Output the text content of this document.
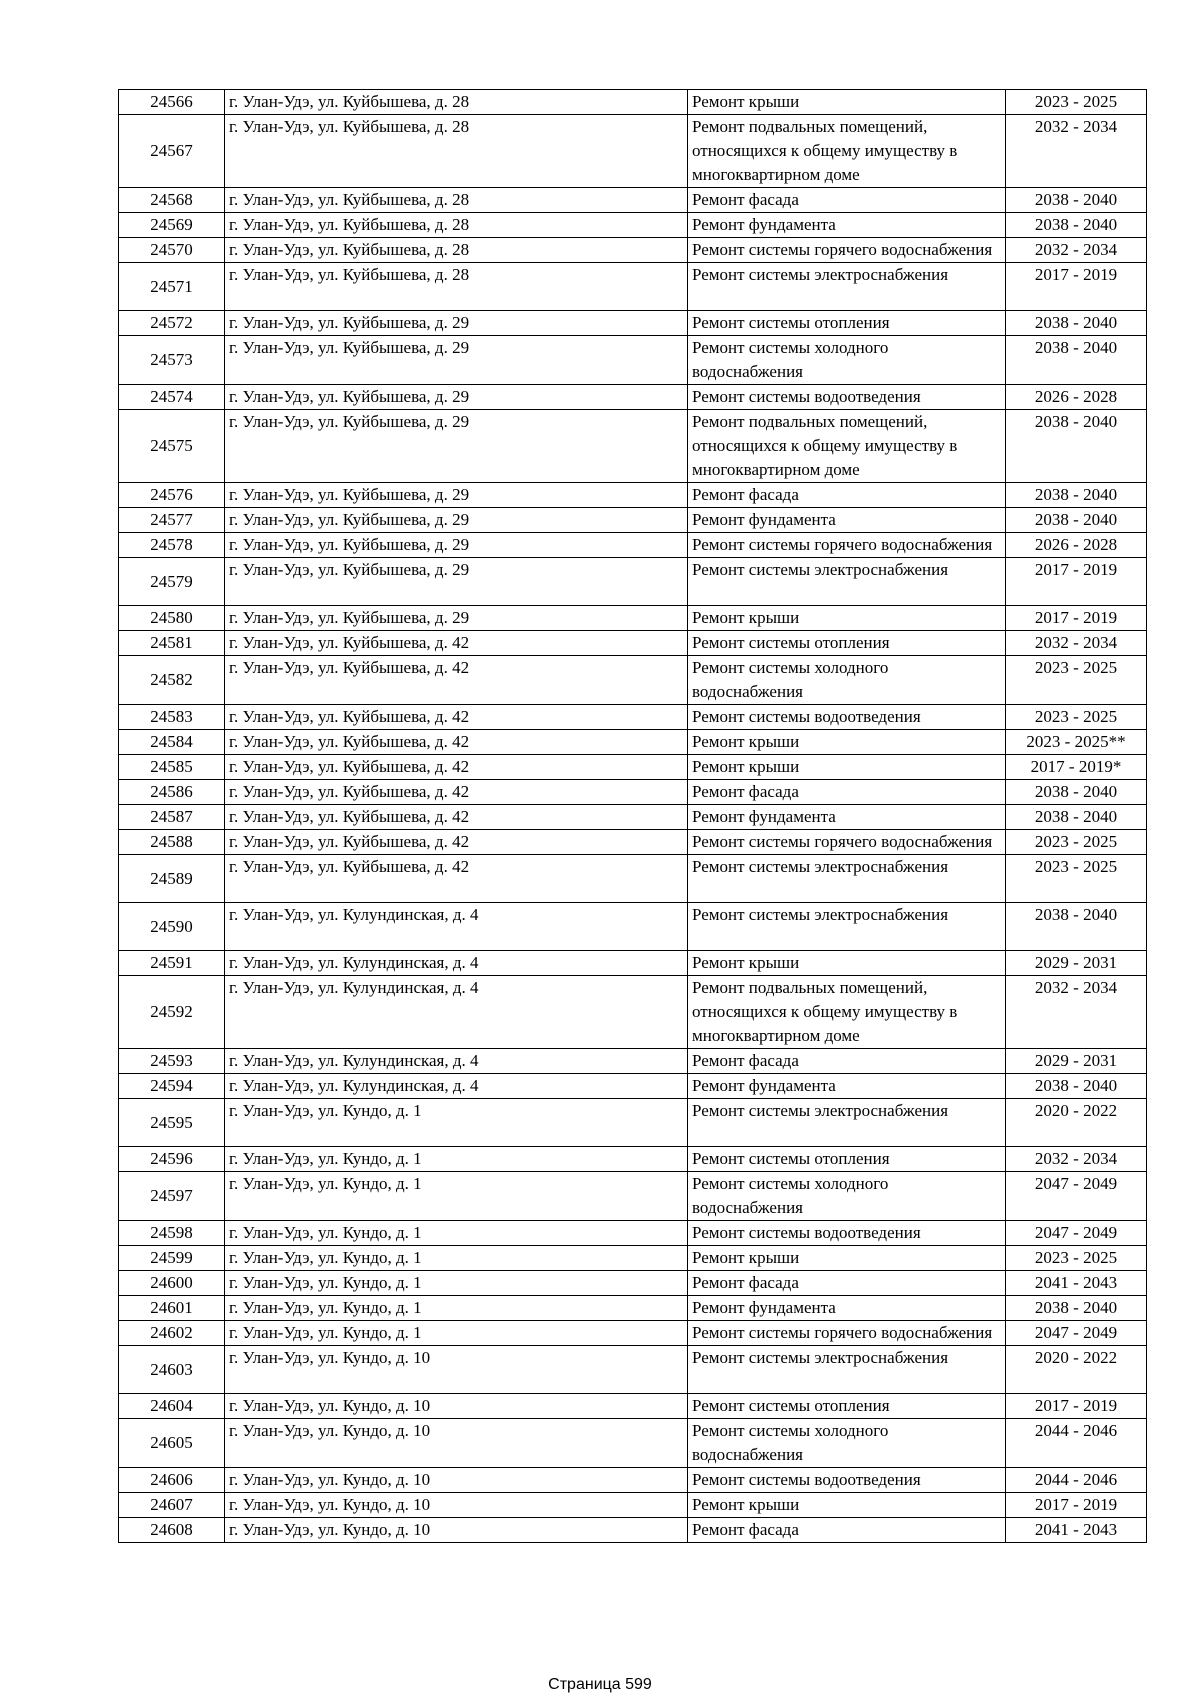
24566	г. Улан-Удэ, ул. Куйбышева, д. 28	Ремонт крыши	2023 - 2025
24567	г. Улан-Удэ, ул. Куйбышева, д. 28	Ремонт подвальных помещений, относящихся к общему имуществу в многоквартирном доме	2032 - 2034
24568	г. Улан-Удэ, ул. Куйбышева, д. 28	Ремонт фасада	2038 - 2040
24569	г. Улан-Удэ, ул. Куйбышева, д. 28	Ремонт фундамента	2038 - 2040
24570	г. Улан-Удэ, ул. Куйбышева, д. 28	Ремонт системы горячего водоснабжения	2032 - 2034
24571	г. Улан-Удэ, ул. Куйбышева, д. 28	Ремонт системы электроснабжения	2017 - 2019
24572	г. Улан-Удэ, ул. Куйбышева, д. 29	Ремонт системы отопления	2038 - 2040
24573	г. Улан-Удэ, ул. Куйбышева, д. 29	Ремонт системы холодного водоснабжения	2038 - 2040
24574	г. Улан-Удэ, ул. Куйбышева, д. 29	Ремонт системы водоотведения	2026 - 2028
24575	г. Улан-Удэ, ул. Куйбышева, д. 29	Ремонт подвальных помещений, относящихся к общему имуществу в многоквартирном доме	2038 - 2040
24576	г. Улан-Удэ, ул. Куйбышева, д. 29	Ремонт фасада	2038 - 2040
24577	г. Улан-Удэ, ул. Куйбышева, д. 29	Ремонт фундамента	2038 - 2040
24578	г. Улан-Удэ, ул. Куйбышева, д. 29	Ремонт системы горячего водоснабжения	2026 - 2028
24579	г. Улан-Удэ, ул. Куйбышева, д. 29	Ремонт системы электроснабжения	2017 - 2019
24580	г. Улан-Удэ, ул. Куйбышева, д. 29	Ремонт крыши	2017 - 2019
24581	г. Улан-Удэ, ул. Куйбышева, д. 42	Ремонт системы отопления	2032 - 2034
24582	г. Улан-Удэ, ул. Куйбышева, д. 42	Ремонт системы холодного водоснабжения	2023 - 2025
24583	г. Улан-Удэ, ул. Куйбышева, д. 42	Ремонт системы водоотведения	2023 - 2025
24584	г. Улан-Удэ, ул. Куйбышева, д. 42	Ремонт крыши	2023 - 2025**
24585	г. Улан-Удэ, ул. Куйбышева, д. 42	Ремонт крыши	2017 - 2019*
24586	г. Улан-Удэ, ул. Куйбышева, д. 42	Ремонт фасада	2038 - 2040
24587	г. Улан-Удэ, ул. Куйбышева, д. 42	Ремонт фундамента	2038 - 2040
24588	г. Улан-Удэ, ул. Куйбышева, д. 42	Ремонт системы горячего водоснабжения	2023 - 2025
24589	г. Улан-Удэ, ул. Куйбышева, д. 42	Ремонт системы электроснабжения	2023 - 2025
24590	г. Улан-Удэ, ул. Кулундинская, д. 4	Ремонт системы электроснабжения	2038 - 2040
24591	г. Улан-Удэ, ул. Кулундинская, д. 4	Ремонт крыши	2029 - 2031
24592	г. Улан-Удэ, ул. Кулундинская, д. 4	Ремонт подвальных помещений, относящихся к общему имуществу в многоквартирном доме	2032 - 2034
24593	г. Улан-Удэ, ул. Кулундинская, д. 4	Ремонт фасада	2029 - 2031
24594	г. Улан-Удэ, ул. Кулундинская, д. 4	Ремонт фундамента	2038 - 2040
24595	г. Улан-Удэ, ул. Кундо, д. 1	Ремонт системы электроснабжения	2020 - 2022
24596	г. Улан-Удэ, ул. Кундо, д. 1	Ремонт системы отопления	2032 - 2034
24597	г. Улан-Удэ, ул. Кундо, д. 1	Ремонт системы холодного водоснабжения	2047 - 2049
24598	г. Улан-Удэ, ул. Кундо, д. 1	Ремонт системы водоотведения	2047 - 2049
24599	г. Улан-Удэ, ул. Кундо, д. 1	Ремонт крыши	2023 - 2025
24600	г. Улан-Удэ, ул. Кундо, д. 1	Ремонт фасада	2041 - 2043
24601	г. Улан-Удэ, ул. Кундо, д. 1	Ремонт фундамента	2038 - 2040
24602	г. Улан-Удэ, ул. Кундо, д. 1	Ремонт системы горячего водоснабжения	2047 - 2049
24603	г. Улан-Удэ, ул. Кундо, д. 10	Ремонт системы электроснабжения	2020 - 2022
24604	г. Улан-Удэ, ул. Кундо, д. 10	Ремонт системы отопления	2017 - 2019
24605	г. Улан-Удэ, ул. Кундо, д. 10	Ремонт системы холодного водоснабжения	2044 - 2046
24606	г. Улан-Удэ, ул. Кундо, д. 10	Ремонт системы водоотведения	2044 - 2046
24607	г. Улан-Удэ, ул. Кундо, д. 10	Ремонт крыши	2017 - 2019
24608	г. Улан-Удэ, ул. Кундо, д. 10	Ремонт фасада	2041 - 2043
Страница 599
